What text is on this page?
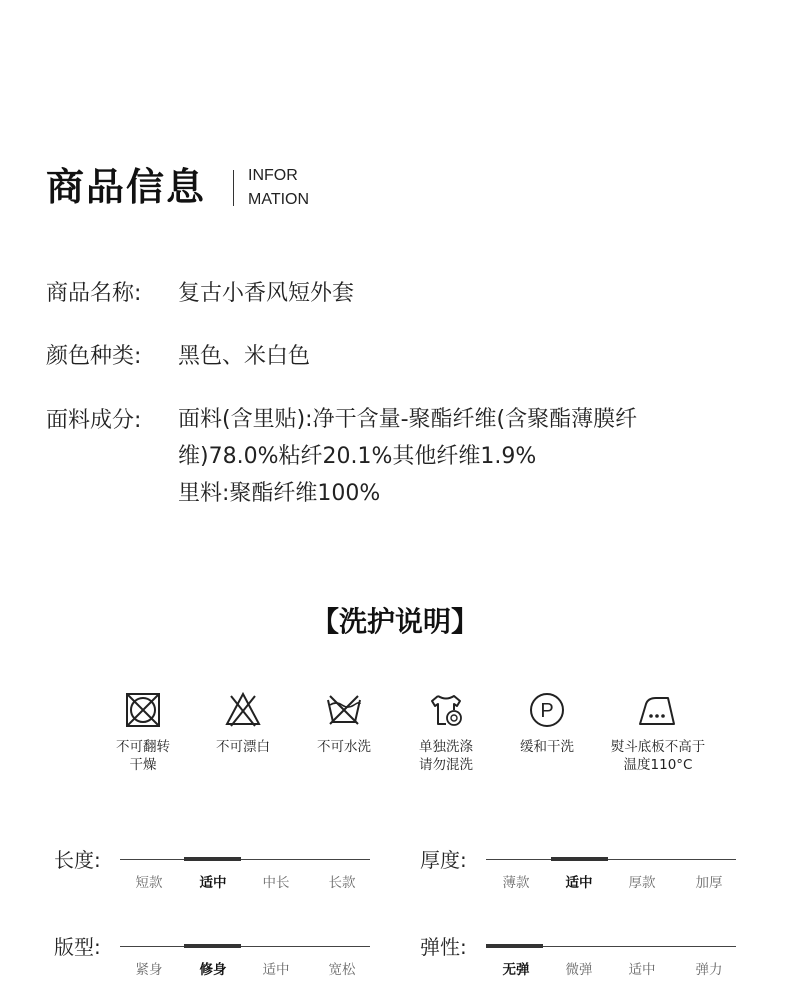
商品信息	INFOR
MATION
商品名称: 复古小香风短外套
颜色种类: 黑色、米白色
面料成分: 面料(含里贴):净干含量-聚酯纤维(含聚酯薄膜纤
维)78.0%粘纤20.1%其他纤维1.9%
里料:聚酯纤维100%
【洗护说明】
不可翻转
干燥
不可漂白	不可水洗	单独洗涤
请勿混洗
P
缓和干洗	熨斗底板不高于
温度110°C
长度:
短款	适中	中长	长款
厚度:
薄款	适中	厚款	加厚
版型:
紧身	修身	适中	宽松
弹性:
无弹	微弹	适中	弹力
